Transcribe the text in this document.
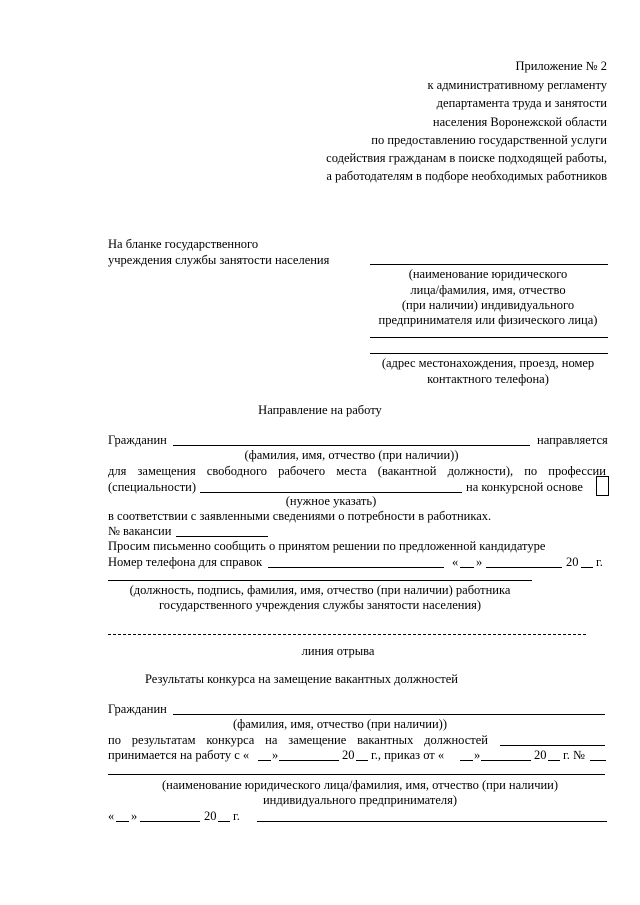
Приложение № 2
к административному регламенту
департамента труда и занятости
населения Воронежской области
по предоставлению государственной услуги
содействия гражданам в поиске подходящей работы,
а работодателям в подборе необходимых работников
На бланке государственного
учреждения службы занятости населения
(наименование юридического
лица/фамилия, имя, отчество
(при наличии) индивидуального
предпринимателя или физического лица)
(адрес местонахождения, проезд, номер
контактного телефона)
Направление на работу
Гражданин	направляется
(фамилия, имя, отчество (при наличии))
для замещения свободного рабочего места (вакантной должности), по профессии
(специальности)	на конкурсной основе
(нужное указать)
в соответствии с заявленными сведениями о потребности в работниках.
№ вакансии
Просим письменно сообщить о принятом решении по предложенной кандидатуре
Номер телефона для справок	« »	20 г.
(должность, подпись, фамилия, имя, отчество (при наличии) работника
государственного учреждения службы занятости населения)
линия отрыва
Результаты конкурса на замещение вакантных должностей
Гражданин
(фамилия, имя, отчество (при наличии))
по результатам конкурса на замещение вакантных должностей
принимается на работу с « »	20 г., приказ от « »	20 г. №
(наименование юридического лица/фамилия, имя, отчество (при наличии)
индивидуального предпринимателя)
« »	20 г.
